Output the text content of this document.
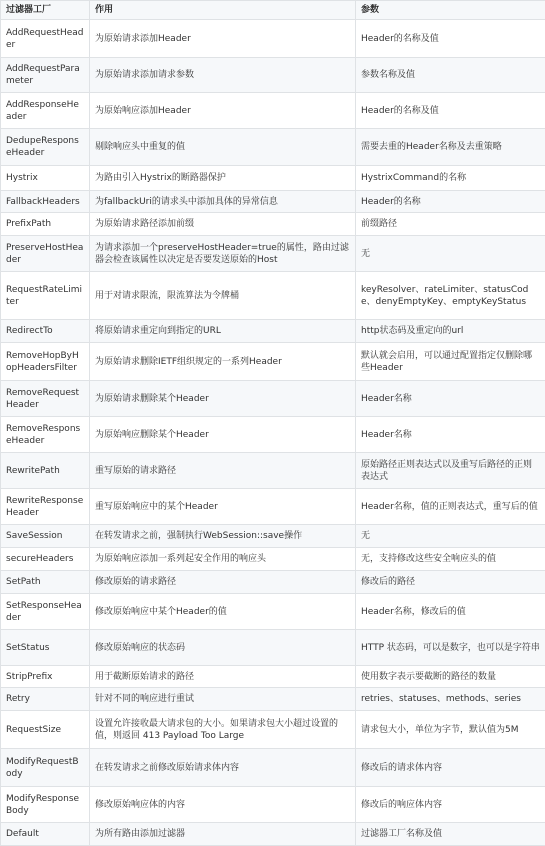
过滤器工厂	作用	参数
AddRequestHeader	为原始请求添加Header	Header的名称及值
AddRequestParameter	为原始请求添加请求参数	参数名称及值
AddResponseHeader	为原始响应添加Header	Header的名称及值
DedupeResponseHeader	剔除响应头中重复的值	需要去重的Header名称及去重策略
Hystrix	为路由引入Hystrix的断路器保护	HystrixCommand的名称
FallbackHeaders	为fallbackUri的请求头中添加具体的异常信息	Header的名称
PrefixPath	为原始请求路径添加前缀	前缀路径
PreserveHostHeader	为请求添加一个preserveHostHeader=true的属性，路由过滤器会检查该属性以决定是否要发送原始的Host	无
RequestRateLimiter	用于对请求限流，限流算法为令牌桶	keyResolver、rateLimiter、statusCode、denyEmptyKey、emptyKeyStatus
RedirectTo	将原始请求重定向到指定的URL	http状态码及重定向的url
RemoveHopByHopHeadersFilter	为原始请求删除IETF组织规定的一系列Header	默认就会启用，可以通过配置指定仅删除哪些Header
RemoveRequestHeader	为原始请求删除某个Header	Header名称
RemoveResponseHeader	为原始响应删除某个Header	Header名称
RewritePath	重写原始的请求路径	原始路径正则表达式以及重写后路径的正则表达式
RewriteResponseHeader	重写原始响应中的某个Header	Header名称，值的正则表达式，重写后的值
SaveSession	在转发请求之前，强制执行WebSession::save操作	无
secureHeaders	为原始响应添加一系列起安全作用的响应头	无，支持修改这些安全响应头的值
SetPath	修改原始的请求路径	修改后的路径
SetResponseHeader	修改原始响应中某个Header的值	Header名称，修改后的值
SetStatus	修改原始响应的状态码	HTTP 状态码，可以是数字，也可以是字符串
StripPrefix	用于截断原始请求的路径	使用数字表示要截断的路径的数量
Retry	针对不同的响应进行重试	retries、statuses、methods、series
RequestSize	设置允许接收最大请求包的大小。如果请求包大小超过设置的值，则返回 413 Payload Too Large	请求包大小，单位为字节，默认值为5M
ModifyRequestBody	在转发请求之前修改原始请求体内容	修改后的请求体内容
ModifyResponseBody	修改原始响应体的内容	修改后的响应体内容
Default	为所有路由添加过滤器	过滤器工厂名称及值
